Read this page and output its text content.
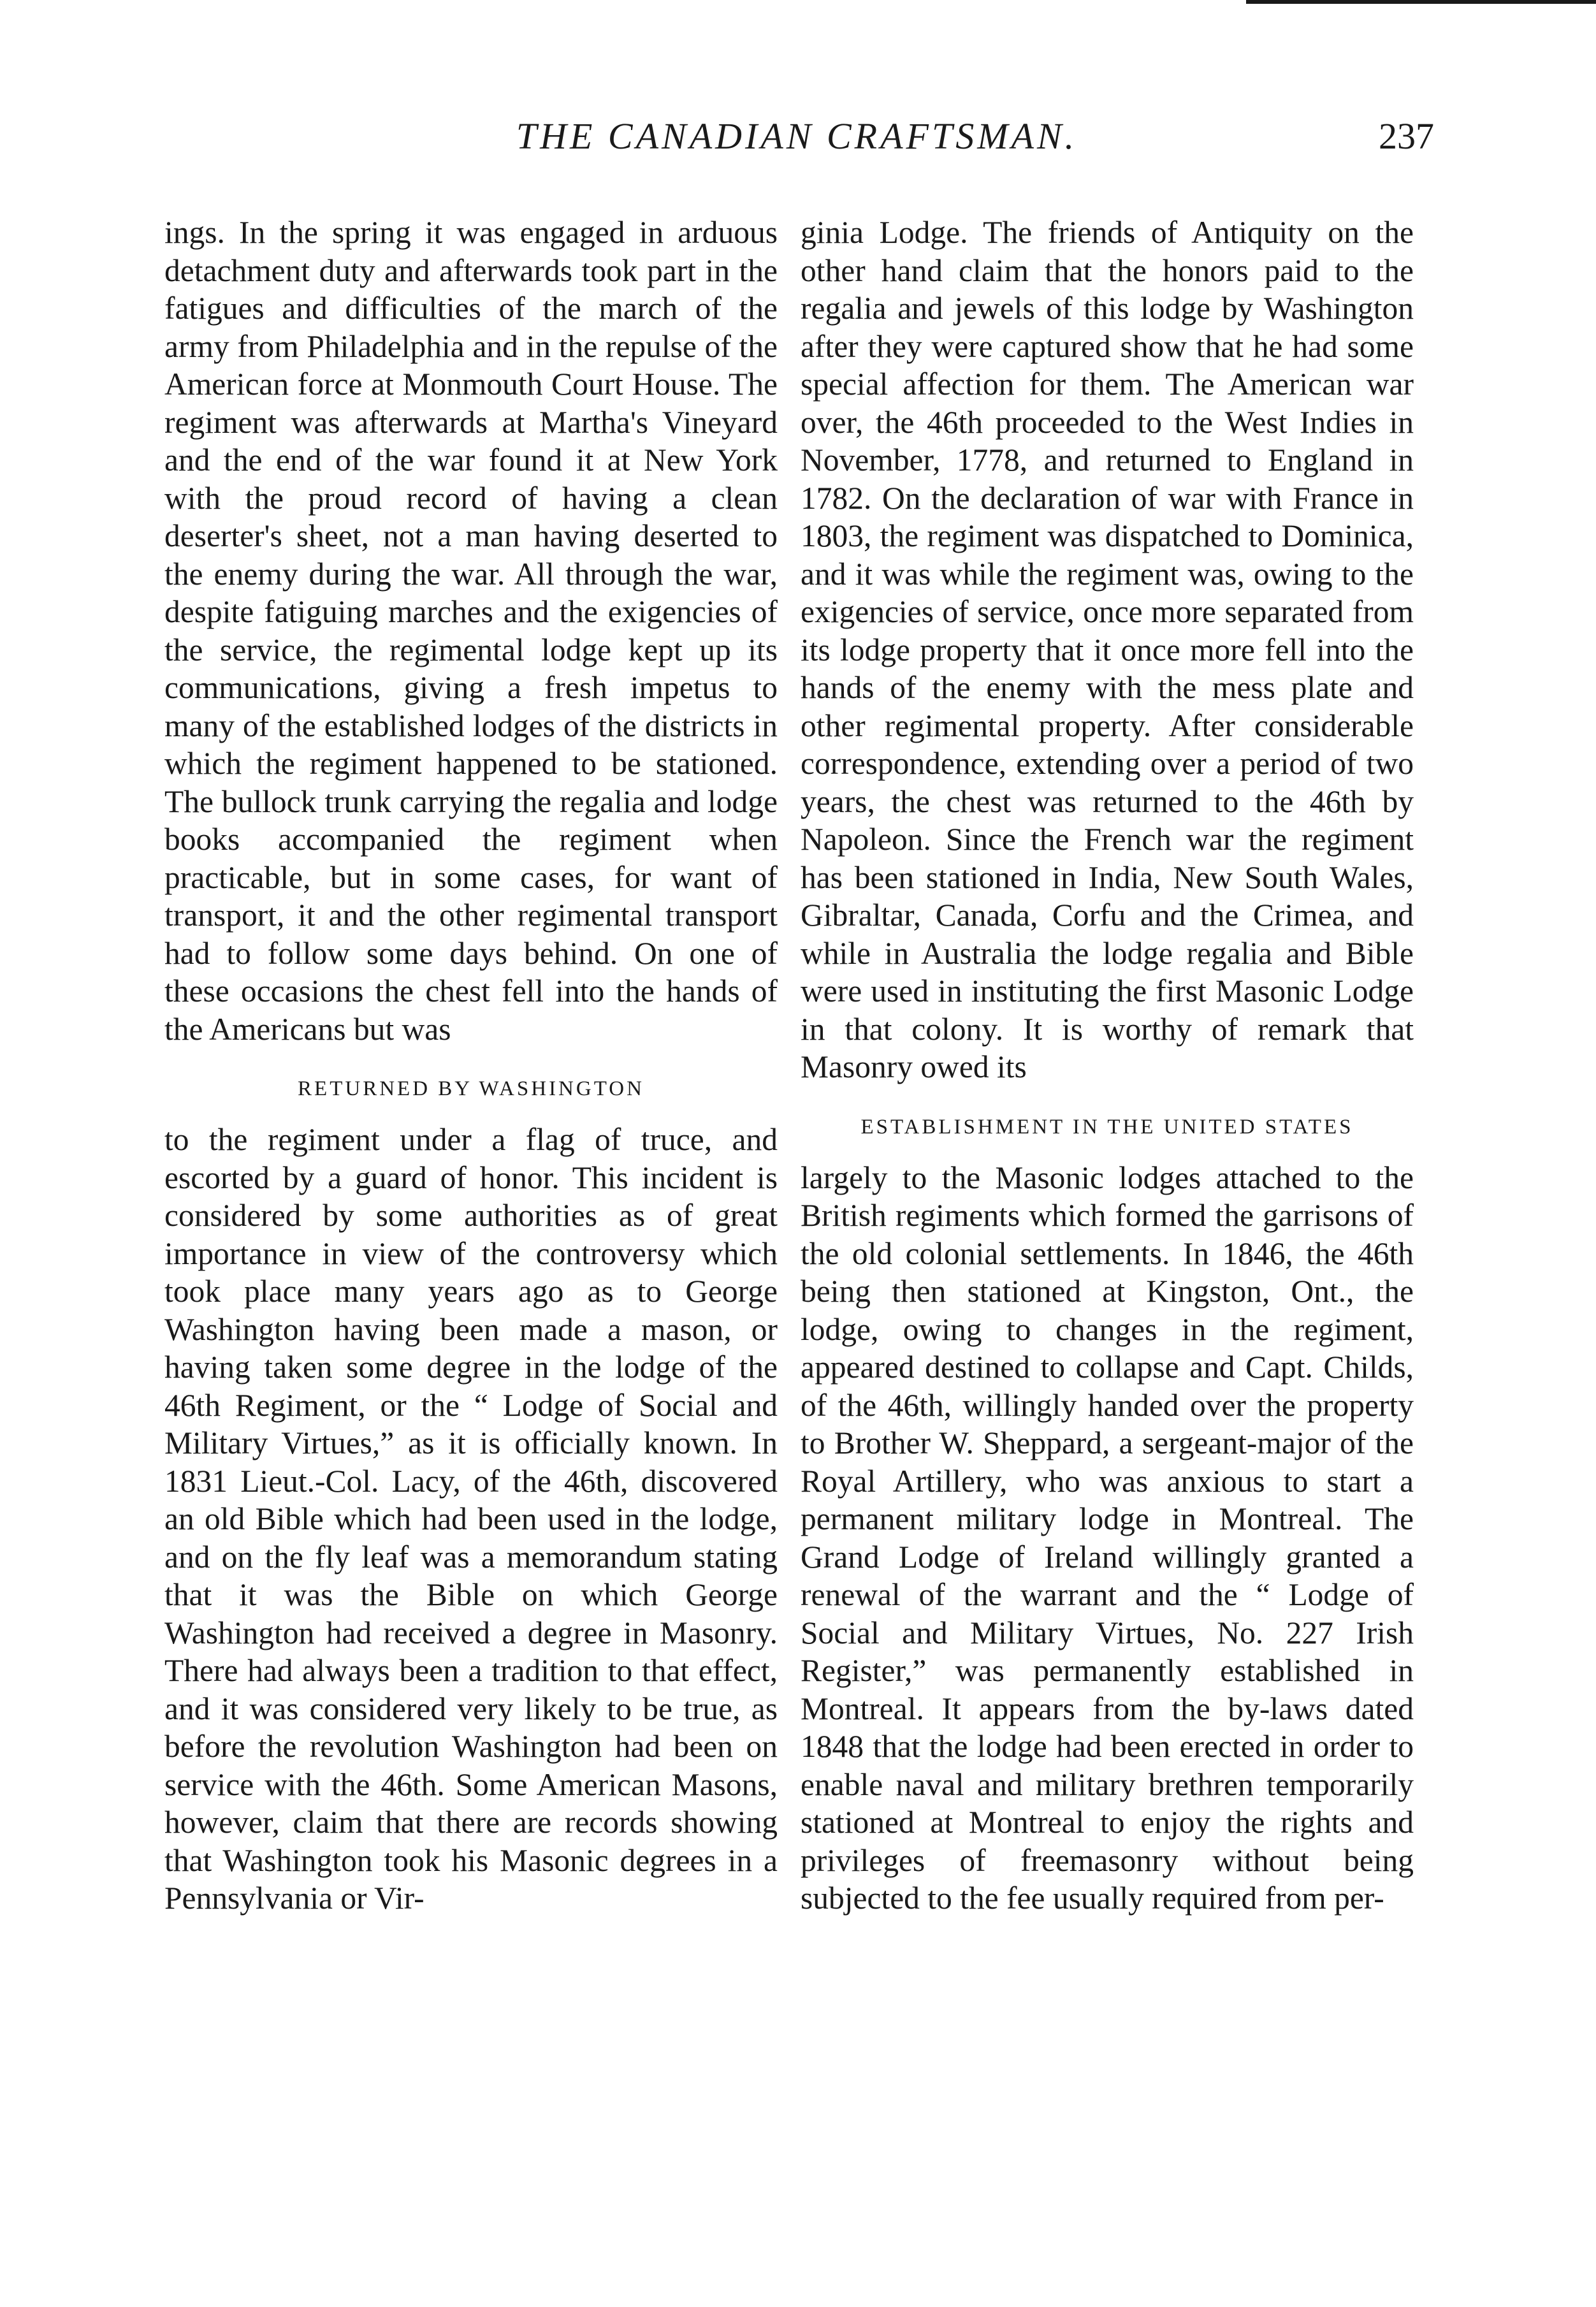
THE CANADIAN CRAFTSMAN.	237

ings. In the spring it was engaged in arduous detachment duty and afterwards took part in the fatigues and difficulties of the march of the army from Philadelphia and in the repulse of the American force at Monmouth Court House. The regiment was afterwards at Martha's Vineyard and the end of the war found it at New York with the proud record of having a clean deserter's sheet, not a man having deserted to the enemy during the war. All through the war, despite fatiguing marches and the exigencies of the service, the regimental lodge kept up its communications, giving a fresh impetus to many of the established lodges of the districts in which the regiment happened to be stationed. The bullock trunk carrying the regalia and lodge books accompanied the regiment when practicable, but in some cases, for want of transport, it and the other regimental transport had to follow some days behind. On one of these occasions the chest fell into the hands of the Americans but was

RETURNED BY WASHINGTON

to the regiment under a flag of truce, and escorted by a guard of honor. This incident is considered by some authorities as of great importance in view of the controversy which took place many years ago as to George Washington having been made a mason, or having taken some degree in the lodge of the 46th Regiment, or the “ Lodge of Social and Military Virtues,” as it is officially known. In 1831 Lieut.-Col. Lacy, of the 46th, discovered an old Bible which had been used in the lodge, and on the fly leaf was a memorandum stating that it was the Bible on which George Washington had received a degree in Masonry. There had always been a tradition to that effect, and it was considered very likely to be true, as before the revolution Washington had been on service with the 46th. Some American Masons, however, claim that there are records showing that Washington took his Masonic degrees in a Pennsylvania or Vir-

ginia Lodge. The friends of Antiquity on the other hand claim that the honors paid to the regalia and jewels of this lodge by Washington after they were captured show that he had some special affection for them. The American war over, the 46th proceeded to the West Indies in November, 1778, and returned to England in 1782. On the declaration of war with France in 1803, the regiment was dispatched to Dominica, and it was while the regiment was, owing to the exigencies of service, once more separated from its lodge property that it once more fell into the hands of the enemy with the mess plate and other regimental property. After considerable correspondence, extending over a period of two years, the chest was returned to the 46th by Napoleon. Since the French war the regiment has been stationed in India, New South Wales, Gibraltar, Canada, Corfu and the Crimea, and while in Australia the lodge regalia and Bible were used in instituting the first Masonic Lodge in that colony. It is worthy of remark that Masonry owed its

ESTABLISHMENT IN THE UNITED STATES

largely to the Masonic lodges attached to the British regiments which formed the garrisons of the old colonial settlements. In 1846, the 46th being then stationed at Kingston, Ont., the lodge, owing to changes in the regiment, appeared destined to collapse and Capt. Childs, of the 46th, willingly handed over the property to Brother W. Sheppard, a sergeant-major of the Royal Artillery, who was anxious to start a permanent military lodge in Montreal. The Grand Lodge of Ireland willingly granted a renewal of the warrant and the “ Lodge of Social and Military Virtues, No. 227 Irish Register,” was permanently established in Montreal. It appears from the by-laws dated 1848 that the lodge had been erected in order to enable naval and military brethren temporarily stationed at Montreal to enjoy the rights and privileges of freemasonry without being subjected to the fee usually required from per-
